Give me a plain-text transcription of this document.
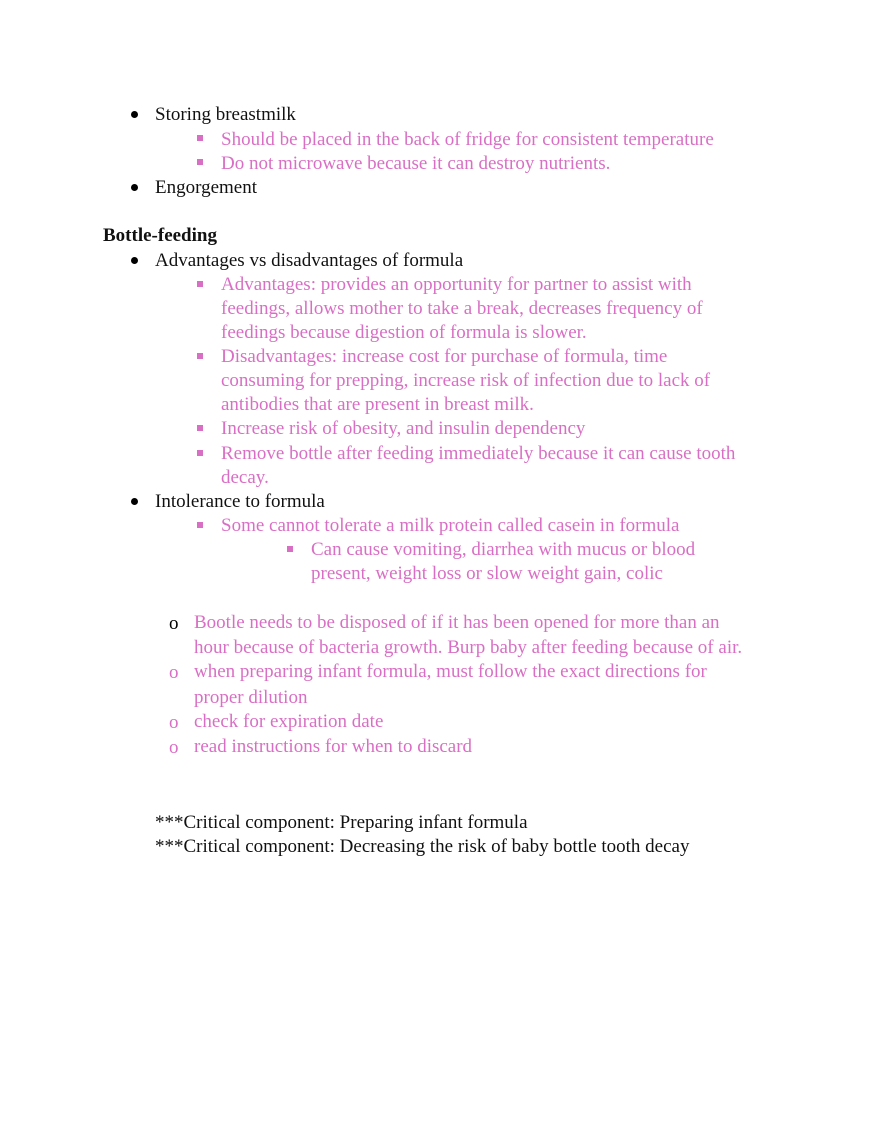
Storing breastmilk
Should be placed in the back of fridge for consistent temperature
Do not microwave because it can destroy nutrients.
Engorgement
Bottle-feeding
Advantages vs disadvantages of formula
Advantages: provides an opportunity for partner to assist with
feedings, allows mother to take a break, decreases frequency of
feedings because digestion of formula is slower.
Disadvantages: increase cost for purchase of formula, time
consuming for prepping, increase risk of infection due to lack of
antibodies that are present in breast milk.
Increase risk of obesity, and insulin dependency
Remove bottle after feeding immediately because it can cause tooth
decay.
Intolerance to formula
Some cannot tolerate a milk protein called casein in formula
Can cause vomiting, diarrhea with mucus or blood
present, weight loss or slow weight gain, colic
o Bootle needs to be disposed of if it has been opened for more than an
hour because of bacteria growth. Burp baby after feeding because of air.
o when preparing infant formula, must follow the exact directions for
proper dilution
o check for expiration date
o read instructions for when to discard
***Critical component: Preparing infant formula
***Critical component: Decreasing the risk of baby bottle tooth decay
